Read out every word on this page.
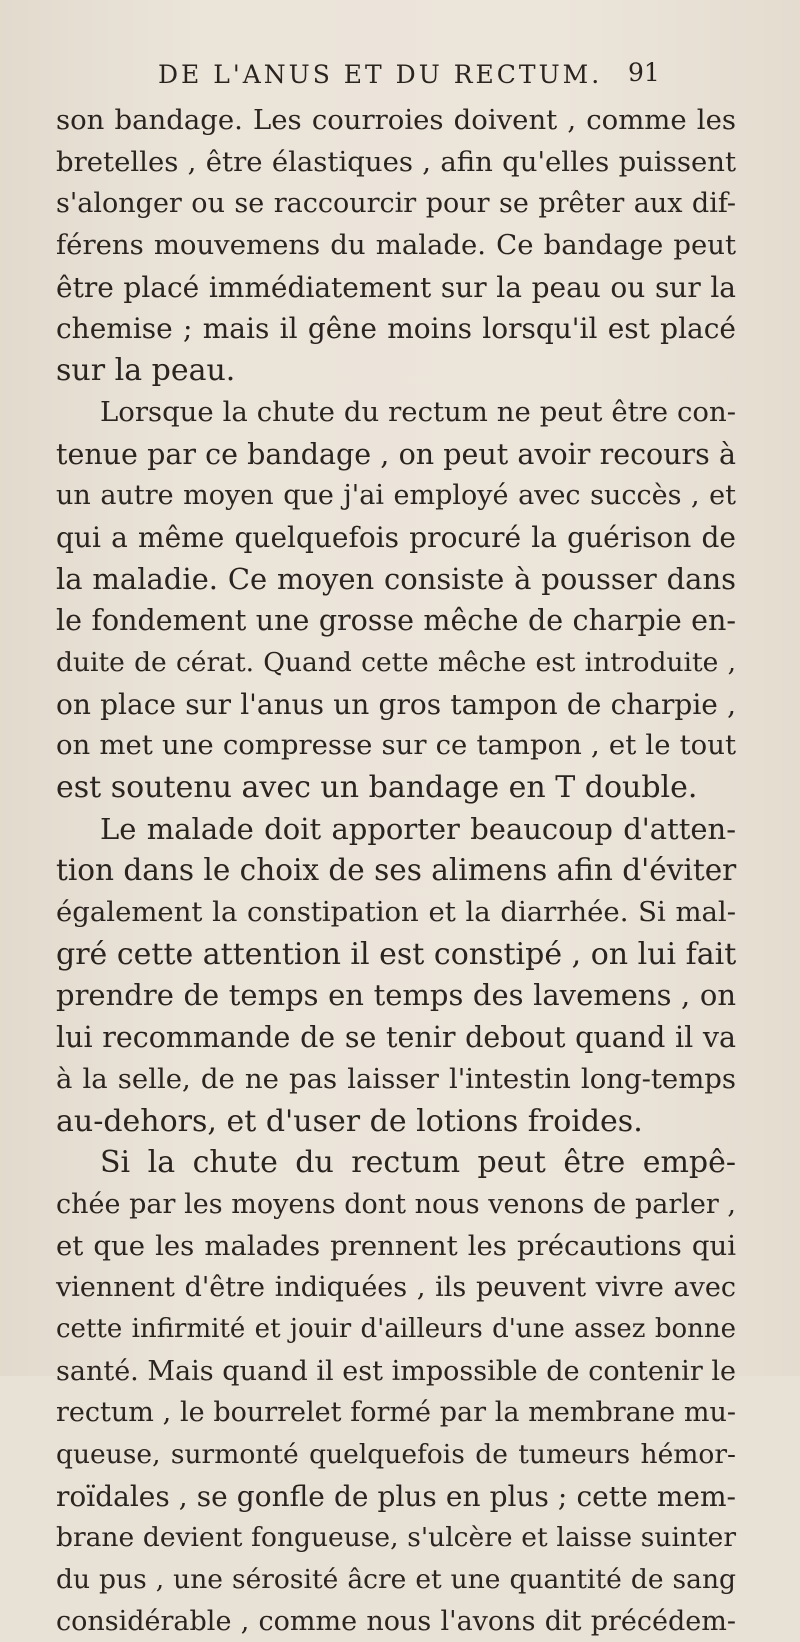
DE L'ANUS ET DU RECTUM. 91
son bandage. Les courroies doivent , comme les
bretelles , être élastiques , afin qu'elles puissent
s'alonger ou se raccourcir pour se prêter aux dif-
férens mouvemens du malade. Ce bandage peut
être placé immédiatement sur la peau ou sur la
chemise ; mais il gêne moins lorsqu'il est placé
sur la peau.
Lorsque la chute du rectum ne peut être con-
tenue par ce bandage , on peut avoir recours à
un autre moyen que j'ai employé avec succès , et
qui a même quelquefois procuré la guérison de
la maladie. Ce moyen consiste à pousser dans
le fondement une grosse mêche de charpie en-
duite de cérat. Quand cette mêche est introduite ,
on place sur l'anus un gros tampon de charpie ,
on met une compresse sur ce tampon , et le tout
est soutenu avec un bandage en T double.
Le malade doit apporter beaucoup d'atten-
tion dans le choix de ses alimens afin d'éviter
également la constipation et la diarrhée. Si mal-
gré cette attention il est constipé , on lui fait
prendre de temps en temps des lavemens , on
lui recommande de se tenir debout quand il va
à la selle, de ne pas laisser l'intestin long-temps
au-dehors, et d'user de lotions froides.
Si la chute du rectum peut être empê-
chée par les moyens dont nous venons de parler ,
et que les malades prennent les précautions qui
viennent d'être indiquées , ils peuvent vivre avec
cette infirmité et jouir d'ailleurs d'une assez bonne
santé. Mais quand il est impossible de contenir le
rectum , le bourrelet formé par la membrane mu-
queuse, surmonté quelquefois de tumeurs hémor-
roïdales , se gonfle de plus en plus ; cette mem-
brane devient fongueuse, s'ulcère et laisse suinter
du pus , une sérosité âcre et une quantité de sang
considérable , comme nous l'avons dit précédem-
